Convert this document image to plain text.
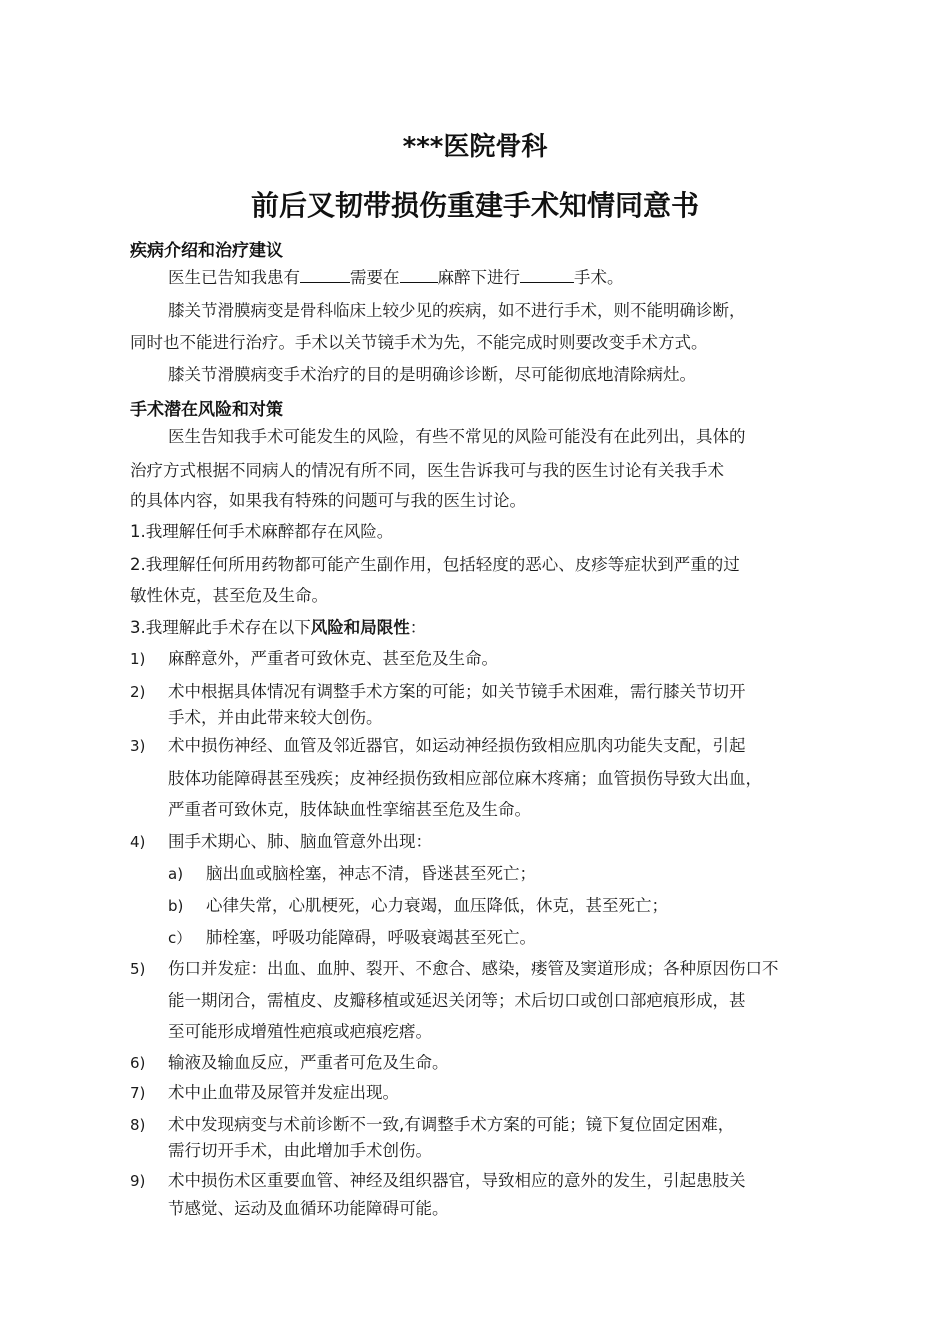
***医院骨科
前后叉韧带损伤重建手术知情同意书
疾病介绍和治疗建议
医生已告知我患有	需要在 麻醉下进行	手术。
膝关节滑膜病变是骨科临床上较少见的疾病，如不进行手术，则不能明确诊断，
同时也不能进行治疗。手术以关节镜手术为先，不能完成时则要改变手术方式。
膝关节滑膜病变手术治疗的目的是明确诊诊断，尽可能彻底地清除病灶。
手术潜在风险和对策
医生告知我手术可能发生的风险，有些不常见的风险可能没有在此列出，具体的
治疗方式根据不同病人的情况有所不同，医生告诉我可与我的医生讨论有关我手术
的具体内容，如果我有特殊的问题可与我的医生讨论。
1.我理解任何手术麻醉都存在风险。
2.我理解任何所用药物都可能产生副作用，包括轻度的恶心、皮疹等症状到严重的过
敏性休克，甚至危及生命。
3.我理解此手术存在以下风险和局限性：
1) 麻醉意外，严重者可致休克、甚至危及生命。
2) 术中根据具体情况有调整手术方案的可能；如关节镜手术困难，需行膝关节切开
手术，并由此带来较大创伤。
3) 术中损伤神经、血管及邻近器官，如运动神经损伤致相应肌肉功能失支配，引起
肢体功能障碍甚至残疾；皮神经损伤致相应部位麻木疼痛；血管损伤导致大出血，
严重者可致休克，肢体缺血性挛缩甚至危及生命。
4) 围手术期心、肺、脑血管意外出现：
a) 脑出血或脑栓塞，神志不清，昏迷甚至死亡；
b) 心律失常，心肌梗死，心力衰竭，血压降低，休克，甚至死亡；
c） 肺栓塞，呼吸功能障碍，呼吸衰竭甚至死亡。
5) 伤口并发症：出血、血肿、裂开、不愈合、感染，瘘管及窦道形成；各种原因伤口不
能一期闭合，需植皮、皮瓣移植或延迟关闭等；术后切口或创口部疤痕形成，甚
至可能形成增殖性疤痕或疤痕疙瘩。
6) 输液及输血反应，严重者可危及生命。
7) 术中止血带及尿管并发症出现。
8) 术中发现病变与术前诊断不一致,有调整手术方案的可能；镜下复位固定困难，
需行切开手术，由此增加手术创伤。
9) 术中损伤术区重要血管、神经及组织器官，导致相应的意外的发生，引起患肢关
节感觉、运动及血循环功能障碍可能。
